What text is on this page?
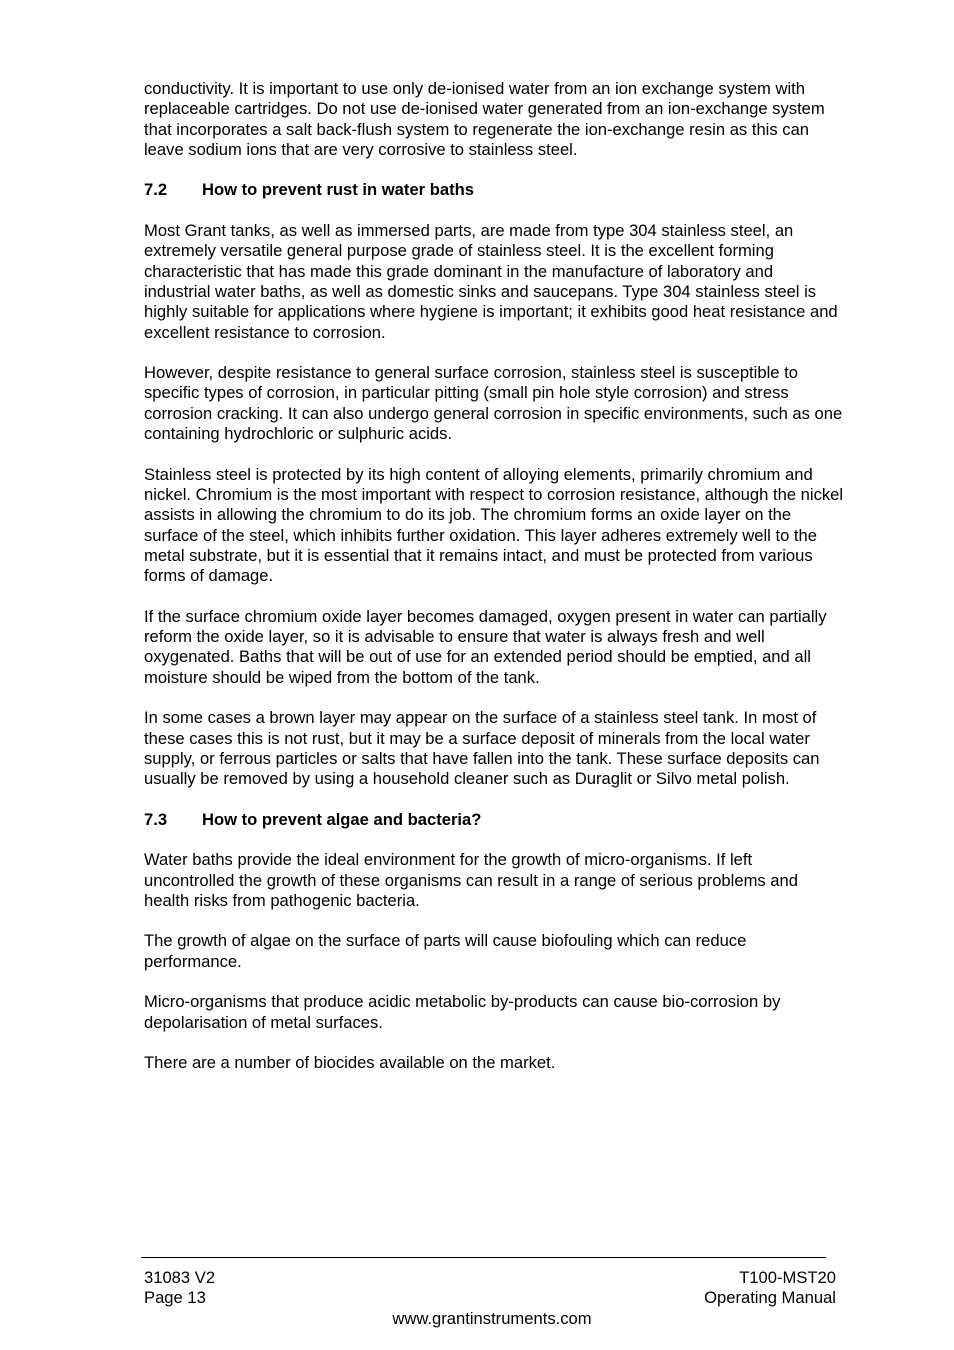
conductivity. It is important to use only de-ionised water from an ion exchange system with replaceable cartridges. Do not use de-ionised water generated from an ion-exchange system that incorporates a salt back-flush system to regenerate the ion-exchange resin as this can leave sodium ions that are very corrosive to stainless steel.

7.2 How to prevent rust in water baths

Most Grant tanks, as well as immersed parts, are made from type 304 stainless steel, an extremely versatile general purpose grade of stainless steel. It is the excellent forming characteristic that has made this grade dominant in the manufacture of laboratory and industrial water baths, as well as domestic sinks and saucepans. Type 304 stainless steel is highly suitable for applications where hygiene is important; it exhibits good heat resistance and excellent resistance to corrosion.

However, despite resistance to general surface corrosion, stainless steel is susceptible to specific types of corrosion, in particular pitting (small pin hole style corrosion) and stress corrosion cracking. It can also undergo general corrosion in specific environments, such as one containing hydrochloric or sulphuric acids.

Stainless steel is protected by its high content of alloying elements, primarily chromium and nickel. Chromium is the most important with respect to corrosion resistance, although the nickel assists in allowing the chromium to do its job. The chromium forms an oxide layer on the surface of the steel, which inhibits further oxidation. This layer adheres extremely well to the metal substrate, but it is essential that it remains intact, and must be protected from various forms of damage.

If the surface chromium oxide layer becomes damaged, oxygen present in water can partially reform the oxide layer, so it is advisable to ensure that water is always fresh and well oxygenated. Baths that will be out of use for an extended period should be emptied, and all moisture should be wiped from the bottom of the tank.

In some cases a brown layer may appear on the surface of a stainless steel tank. In most of these cases this is not rust, but it may be a surface deposit of minerals from the local water supply, or ferrous particles or salts that have fallen into the tank. These surface deposits can usually be removed by using a household cleaner such as Duraglit or Silvo metal polish.

7.3 How to prevent algae and bacteria?

Water baths provide the ideal environment for the growth of micro-organisms. If left uncontrolled the growth of these organisms can result in a range of serious problems and health risks from pathogenic bacteria.

The growth of algae on the surface of parts will cause biofouling which can reduce performance.

Micro-organisms that produce acidic metabolic by-products can cause bio-corrosion by depolarisation of metal surfaces.

There are a number of biocides available on the market.

31083 V2
Page 13
T100-MST20
Operating Manual
www.grantinstruments.com
